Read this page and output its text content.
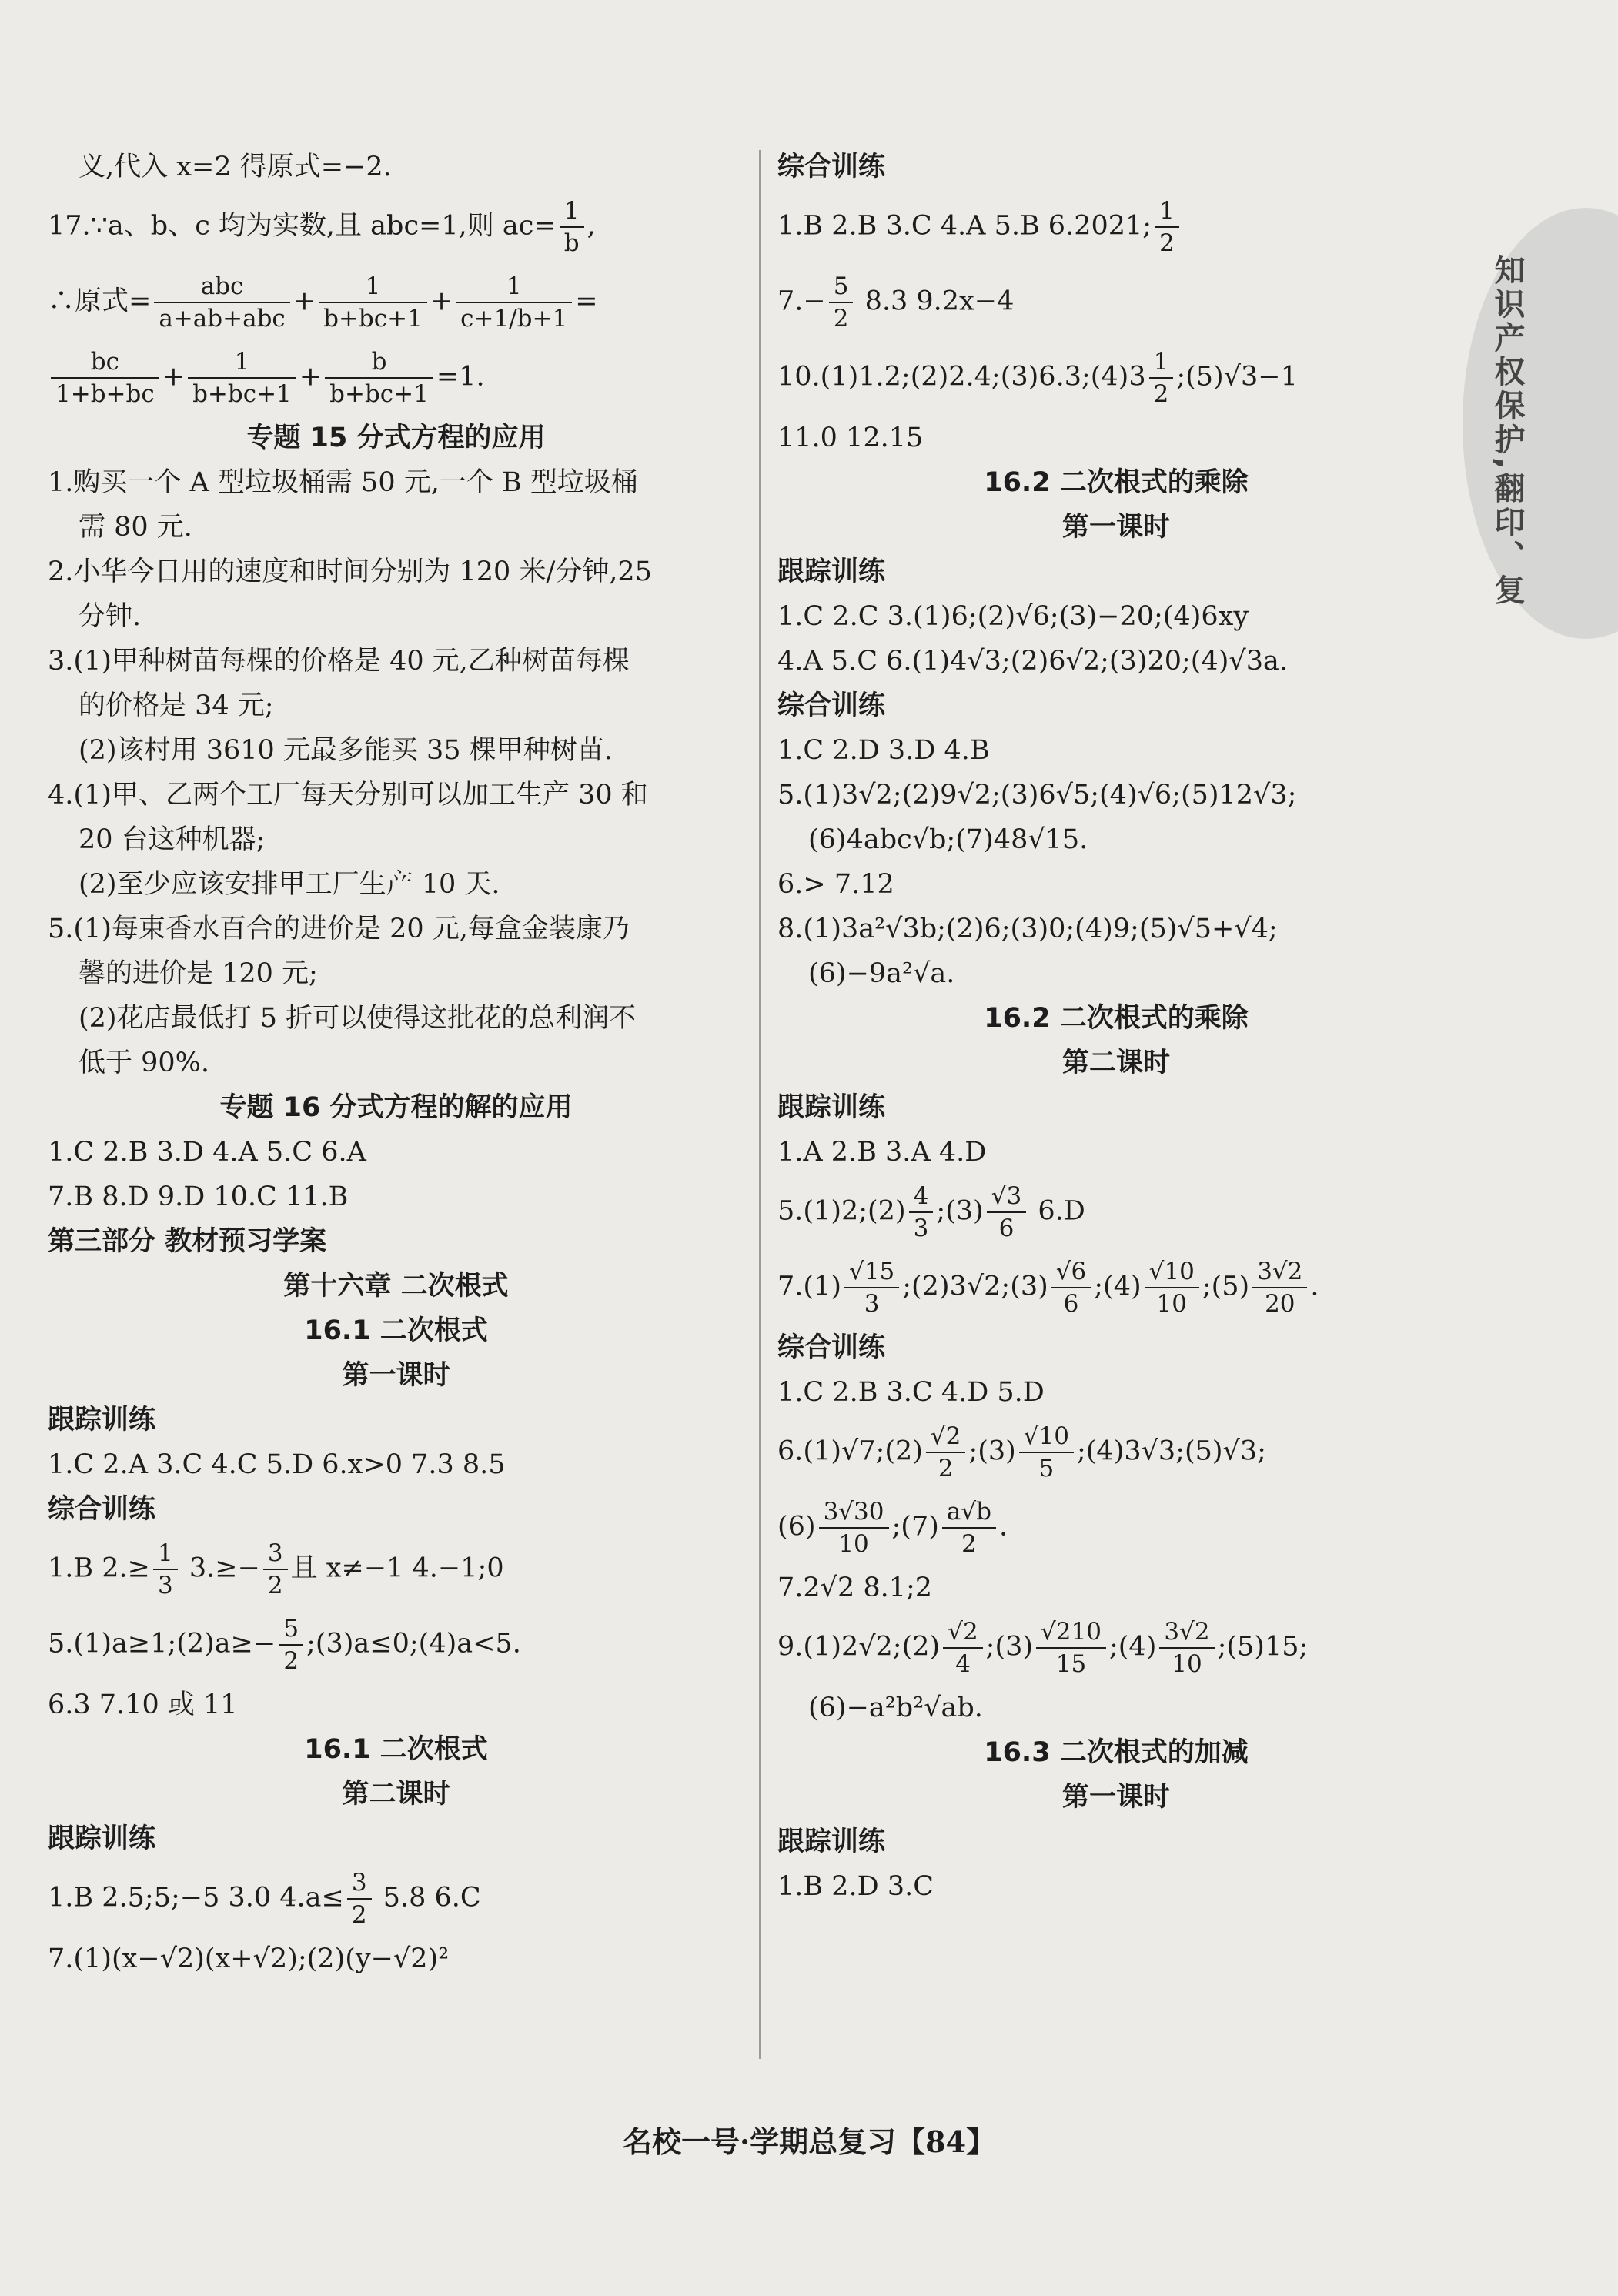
知识产权保护,翻印、复
义,代入 x=2 得原式=−2.
17.∵a、b、c 均为实数,且 abc=1,则 $ac= \frac{1}{b}$ ,
∴原式= $\frac{\text{abc}}{\text{a+ab+abc}} + \frac{1}{b+bc+1} + \frac{1}{c+1/b+1}$ =
$\frac{bc}{1+b+bc} + \frac{1}{b+bc+1} + \frac{b}{b+bc+1} =1$.
专题 15 分式方程的应用
1.购买一个 A 型垃圾桶需 50 元,一个 B 型垃圾桶
需 80 元.
2.小华今日用的速度和时间分别为 120 米/分钟,25
分钟.
3.(1)甲种树苗每棵的价格是 40 元,乙种树苗每棵
的价格是 34 元;
(2)该村用 3610 元最多能买 35 棵甲种树苗.
4.(1)甲、乙两个工厂每天分别可以加工生产 30 和
20 台这种机器;
(2)至少应该安排甲工厂生产 10 天.
5.(1)每束香水百合的进价是 20 元,每盒金装康乃
馨的进价是 120 元;
(2)花店最低打 5 折可以使得这批花的总利润不
低于 90%.
专题 16 分式方程的解的应用
1.C 2.B 3.D 4.A 5.C 6.A
7.B 8.D 9.D 10.C 11.B
第三部分 教材预习学案
第十六章 二次根式
16.1 二次根式
第一课时
跟踪训练
1.C 2.A 3.C 4.C 5.D 6.x>0 7.3 8.5
综合训练
1.B $2.\ge \frac{1}{3} 3.\ge- \frac{3}{2}$ 且 x≠−1 4.−1;0
5.(1)a≥1;(2)a≥− $\frac{5}{2}$ ;(3)a≤0;(4)a<5.
6.3 7.10 或 11
16.1 二次根式
第二课时
跟踪训练
1.B 2.5;5;−5 3.0 $4.a\le \frac{3}{2} 5.8$ 6.C
7.(1)(x−√2)(x+√2);(2)(y−√2)²
综合训练
1.B 2.B 3.C 4.A 5.B 6.2021; $\frac{1}{2}$
$7.- \frac{5}{2} 8.3$ 9.2x−4
10.(1)1.2;(2)2.4;(3)6.3;(4)3 $\frac{1}{2}$ ;(5)√3−1
11.0 12.15
16.2 二次根式的乘除
第一课时
跟踪训练
1.C 2.C 3.(1)6;(2)√6;(3)−20;(4)6xy
4.A 5.C 6.(1)4√3;(2)6√2;(3)20;(4)√3a.
综合训练
1.C 2.D 3.D 4.B
5.(1)3√2;(2)9√2;(3)6√5;(4)√6;(5)12√3;
(6)4abc√b;(7)48√15.
6.> 7.12
8.(1)3a²√3b;(2)6;(3)0;(4)9;(5)√5+√4;
(6)−9a²√a.
16.2 二次根式的乘除
第二课时
跟踪训练
1.A 2.B 3.A 4.D
5.(1)2;(2) $\frac{4}{3}$ ;(3) $\frac{√3}{6} 6.D$
$7.(1) \frac{√15}{3}$ ;(2)3√2;(3) $\frac{√6}{6}$ ;(4) $\frac{√10}{10}$ ;(5) $\frac{3√2}{20}$ .
综合训练
1.C 2.B 3.C 4.D 5.D
6.(1)√7;(2) $\frac{√2}{2}$ ;(3) $\frac{√10}{5}$ ;(4)3√3;(5)√3;
$(6) \frac{3√30}{10}$ ;(7) $\frac{a√b}{2}$ .
7.2√2 8.1;2
9.(1)2√2;(2) $\frac{√2}{4}$ ;(3) $\frac{√210}{15}$ ;(4) $\frac{3√2}{10}$ ;(5)15;
(6)−a²b²√ab.
16.3 二次根式的加减
第一课时
跟踪训练
1.B 2.D 3.C
名校一号·学期总复习【84】
